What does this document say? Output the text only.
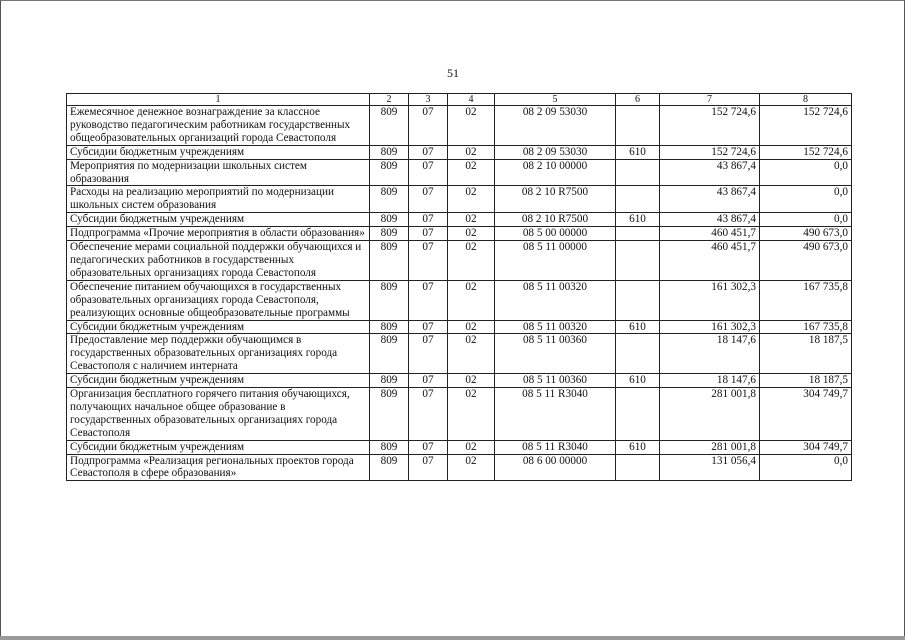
51
1	2	3	4	5	6	7	8
Ежемесячное денежное вознаграждение за классное руководство педагогическим работникам государственных общеобразовательных организаций города Севастополя	809	07	02	08 2 09 53030		152 724,6	152 724,6
Субсидии бюджетным учреждениям	809	07	02	08 2 09 53030	610	152 724,6	152 724,6
Мероприятия по модернизации школьных систем образования	809	07	02	08 2 10 00000		43 867,4	0,0
Расходы на реализацию мероприятий по модернизации школьных систем образования	809	07	02	08 2 10 R7500		43 867,4	0,0
Субсидии бюджетным учреждениям	809	07	02	08 2 10 R7500	610	43 867,4	0,0
Подпрограмма «Прочие мероприятия в области образования»	809	07	02	08 5 00 00000		460 451,7	490 673,0
Обеспечение мерами социальной поддержки обучающихся и педагогических работников в государственных образовательных организациях города Севастополя	809	07	02	08 5 11 00000		460 451,7	490 673,0
Обеспечение питанием обучающихся в государственных образовательных организациях города Севастополя, реализующих основные общеобразовательные программы	809	07	02	08 5 11 00320		161 302,3	167 735,8
Субсидии бюджетным учреждениям	809	07	02	08 5 11 00320	610	161 302,3	167 735,8
Предоставление мер поддержки обучающимся в государственных образовательных организациях города Севастополя с наличием интерната	809	07	02	08 5 11 00360		18 147,6	18 187,5
Субсидии бюджетным учреждениям	809	07	02	08 5 11 00360	610	18 147,6	18 187,5
Организация бесплатного горячего питания обучающихся, получающих начальное общее образование в государственных образовательных организациях города Севастополя	809	07	02	08 5 11 R3040		281 001,8	304 749,7
Субсидии бюджетным учреждениям	809	07	02	08 5 11 R3040	610	281 001,8	304 749,7
Подпрограмма «Реализация региональных проектов города Севастополя в сфере образования»	809	07	02	08 6 00 00000		131 056,4	0,0
